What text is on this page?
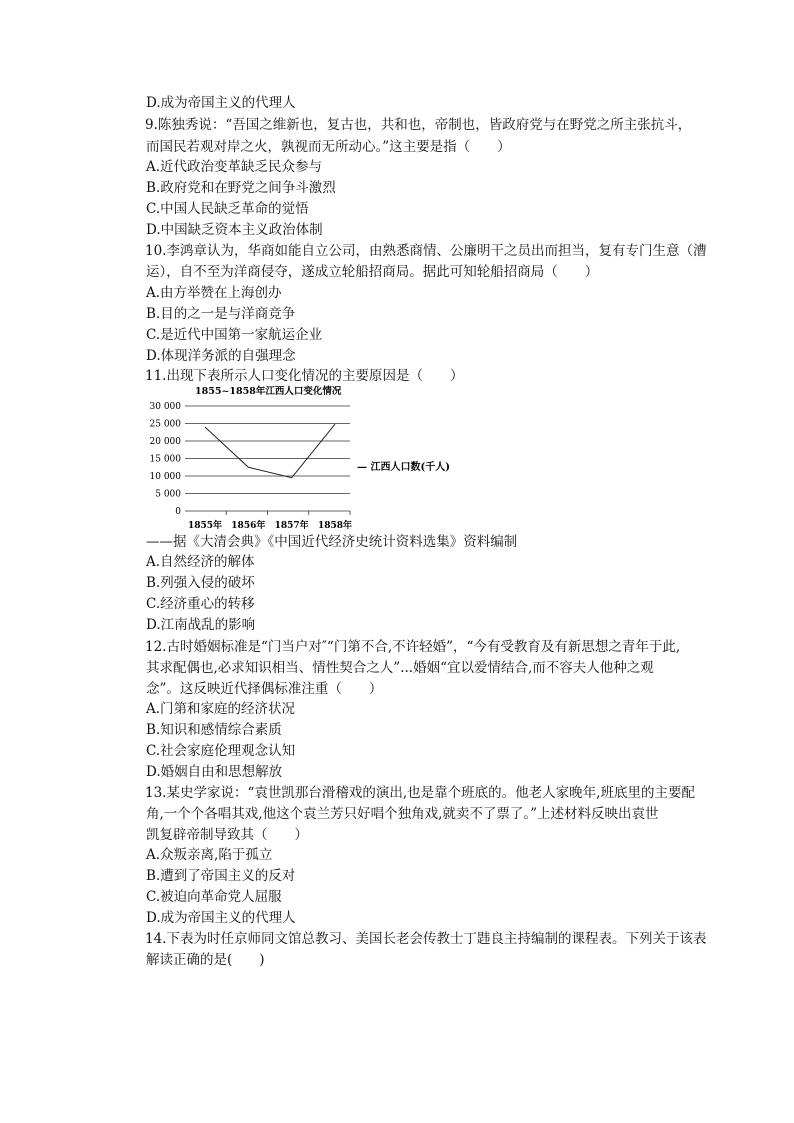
D.成为帝国主义的代理人
9.陈独秀说：“吾国之维新也，复古也，共和也，帝制也，皆政府党与在野党之所主张抗斗，
而国民若观对岸之火，孰视而无所动心。”这主要是指（　　）
A.近代政治变革缺乏民众参与
B.政府党和在野党之间争斗激烈
C.中国人民缺乏革命的觉悟
D.中国缺乏资本主义政治体制
10.李鸿章认为，华商如能自立公司，由熟悉商情、公廉明干之员出而担当，复有专门生意（漕
运），自不至为洋商侵夺，遂成立轮船招商局。据此可知轮船招商局（　　）
A.由方举赞在上海创办
B.目的之一是与洋商竞争
C.是近代中国第一家航运企业
D.体现洋务派的自强理念
11.出现下表所示人口变化情况的主要原因是（　　）
1855~1858年江西人口变化情况
30 000
25 000
20 000
15 000
10 000
5 000
0
1855年 1856年 1857年 1858年
— 江西人口数(千人)
——据《大清会典》《中国近代经济史统计资料选集》资料编制
A.自然经济的解体
B.列强入侵的破坏
C.经济重心的转移
D.江南战乱的影响
12.古时婚姻标准是“门当户对″“门第不合,不许轻婚”，“今有受教育及有新思想之青年于此,
其求配偶也,必求知识相当、情性契合之人”...婚姻“宜以爱情结合,而不容夫人他种之观
念”。这反映近代择偶标准注重（　　）
A.门第和家庭的经济状况
B.知识和感情综合素质
C.社会家庭伦理观念认知
D.婚姻自由和思想解放
13.某史学家说：“袁世凯那台滑稽戏的演出,也是靠个班底的。他老人家晚年,班底里的主要配
角,一个个各唱其戏,他这个袁兰芳只好唱个独角戏,就卖不了票了。”上述材料反映出袁世
凯复辟帝制导致其（　　）
A.众叛亲离,陷于孤立
B.遭到了帝国主义的反对
C.被迫向革命党人屈服
D.成为帝国主义的代理人
14.下表为时任京师同文馆总教习、美国长老会传教士丁韪良主持编制的课程表。下列关于该表
解读正确的是(　　)
